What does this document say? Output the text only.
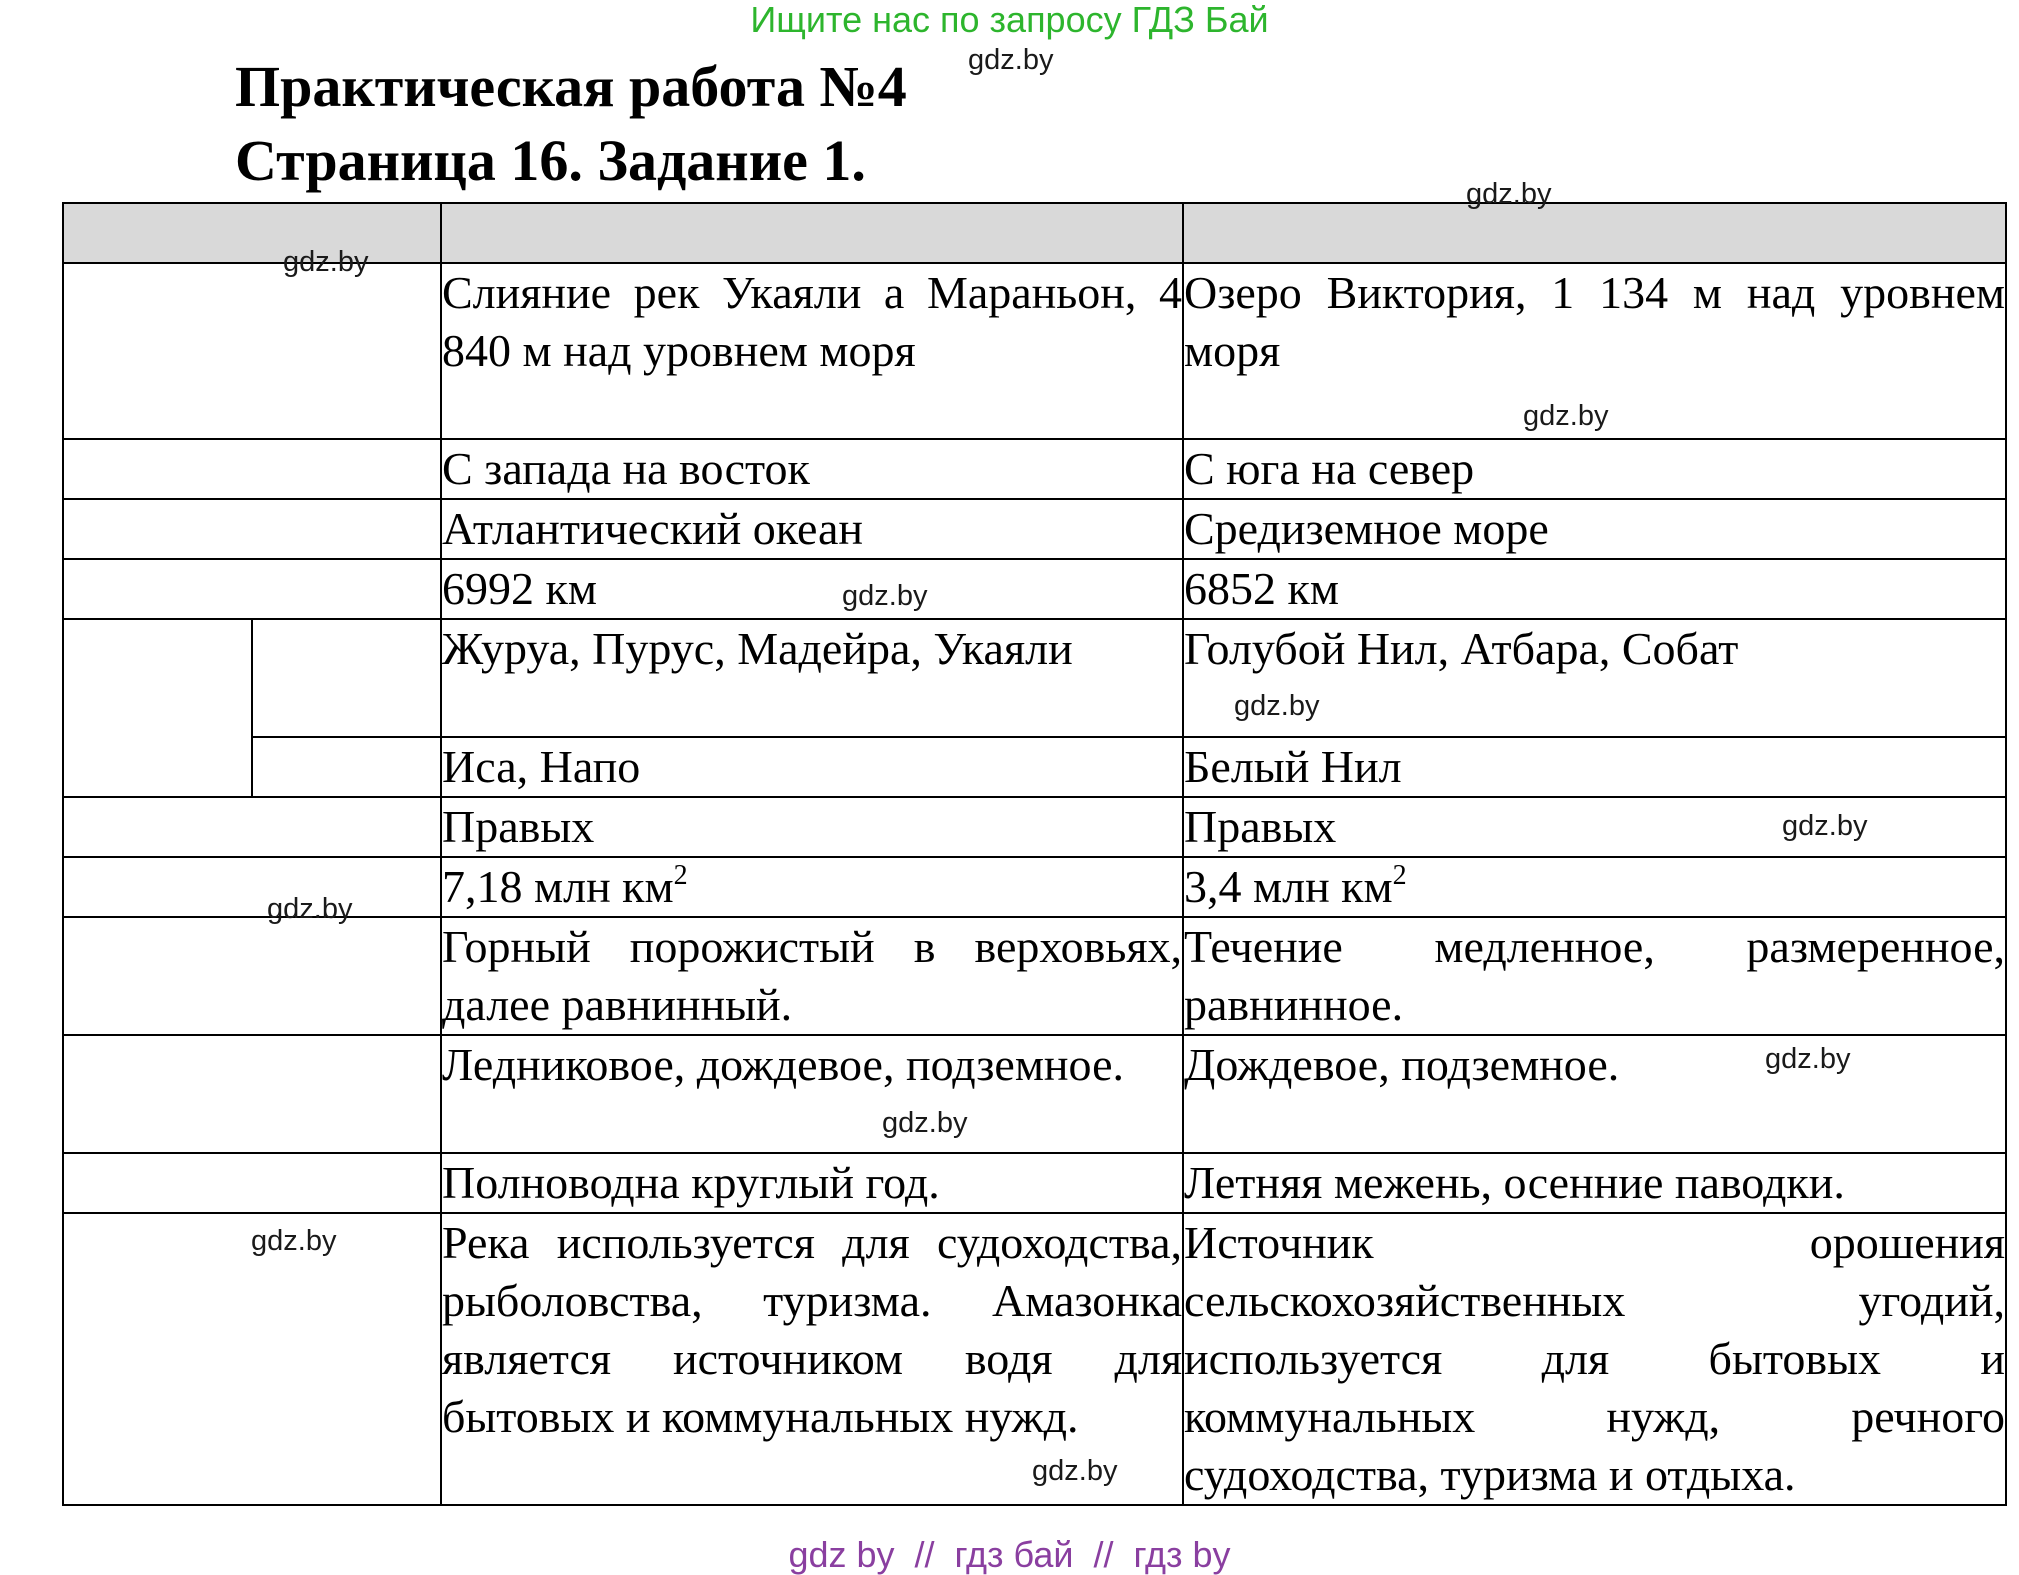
Ищите нас по запросу ГДЗ Бай
Практическая работа №4
Страница 16. Задание 1.

		Слияние рек Укаяли а Мараньон, 4 840 м над уровнем моря	Озеро Виктория, 1 134 м над уровнем моря
		С запада на восток	С юга на север
		Атлантический океан	Средиземное море
		6992 км	6852 км
		Журуа, Пурус, Мадейра, Укаяли	Голубой Нил, Атбара, Собат
		Иса, Напо	Белый Нил
		Правых	Правых

		7,18 млн $км^2$	3,4 млн $км^2$

		Горный порожистый в верховьях, далее равнинный.	Течение медленное, размеренное, равнинное.
		Ледниковое, дождевое, подземное.	Дождевое, подземное.
		Полноводна круглый год.	Летняя межень, осенние паводки.
		Река используется для судоходства, рыболовства, туризма. Амазонка является источником водя для бытовых и коммунальных нужд.	Источник орошения сельскохозяйственных угодий, используется для бытовых и коммунальных нужд, речного судоходства, туризма и отдыха.
gdz.by
gdz.by
gdz.by
gdz.by
gdz.by
gdz.by
gdz.by
gdz.by
gdz.by
gdz.by
gdz.by
gdz.by
gdz by  //  гдз бай  //  гдз by
